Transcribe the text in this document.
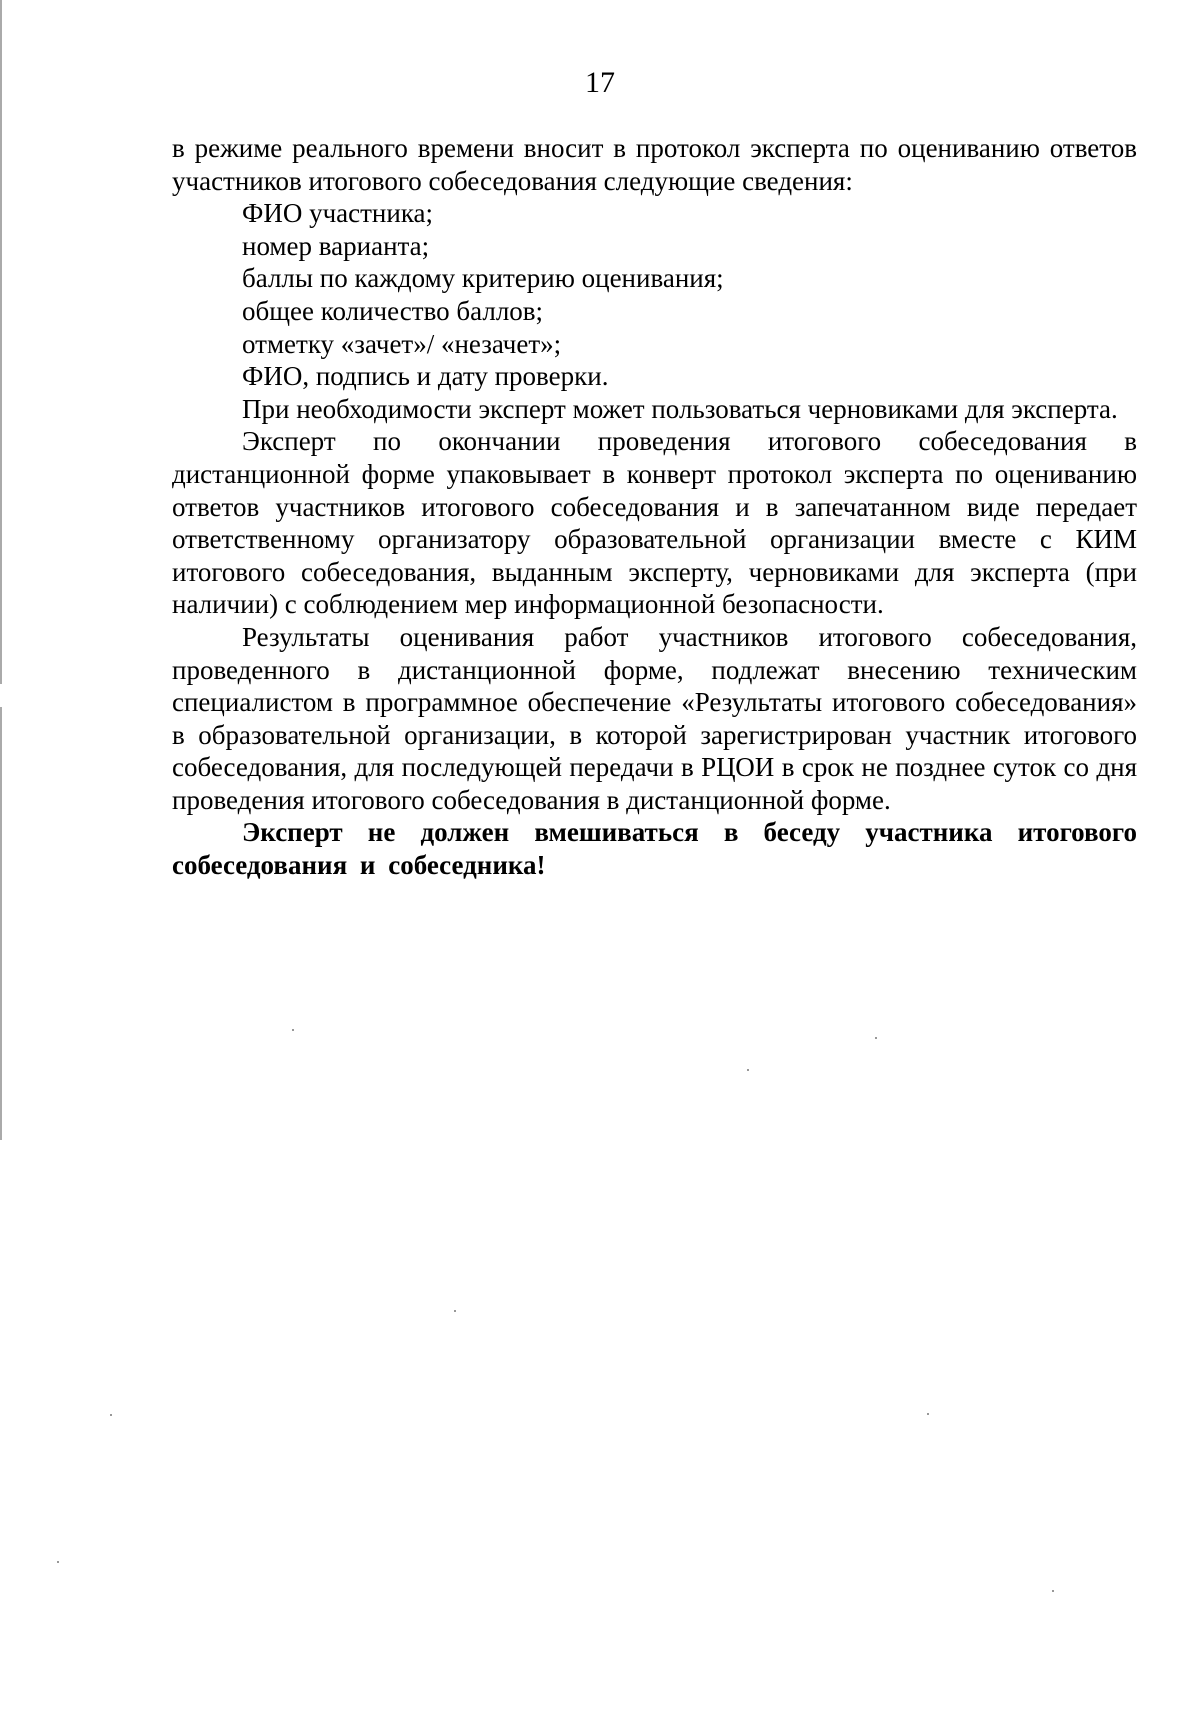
17

в режиме реального времени вносит в протокол эксперта по оцениванию ответов участников итогового собеседования следующие сведения:

ФИО участника;

номер варианта;

баллы по каждому критерию оценивания;

общее количество баллов;

отметку «зачет»/ «незачет»;

ФИО, подпись и дату проверки.

При необходимости эксперт может пользоваться черновиками для эксперта.

Эксперт по окончании проведения итогового собеседования в дистанционной форме упаковывает в конверт протокол эксперта по оцениванию ответов участников итогового собеседования и в запечатанном виде передает ответственному организатору образовательной организации вместе с КИМ итогового собеседования, выданным эксперту, черновиками для эксперта (при наличии) с соблюдением мер информационной безопасности.

Результаты оценивания работ участников итогового собеседования, проведенного в дистанционной форме, подлежат внесению техническим специалистом в программное обеспечение «Результаты итогового собеседования» в образовательной организации, в которой зарегистрирован участник итогового собеседования, для последующей передачи в РЦОИ в срок не позднее суток со дня проведения итогового собеседования в дистанционной форме.

Эксперт не должен вмешиваться в беседу участника итогового собеседования и собеседника!
